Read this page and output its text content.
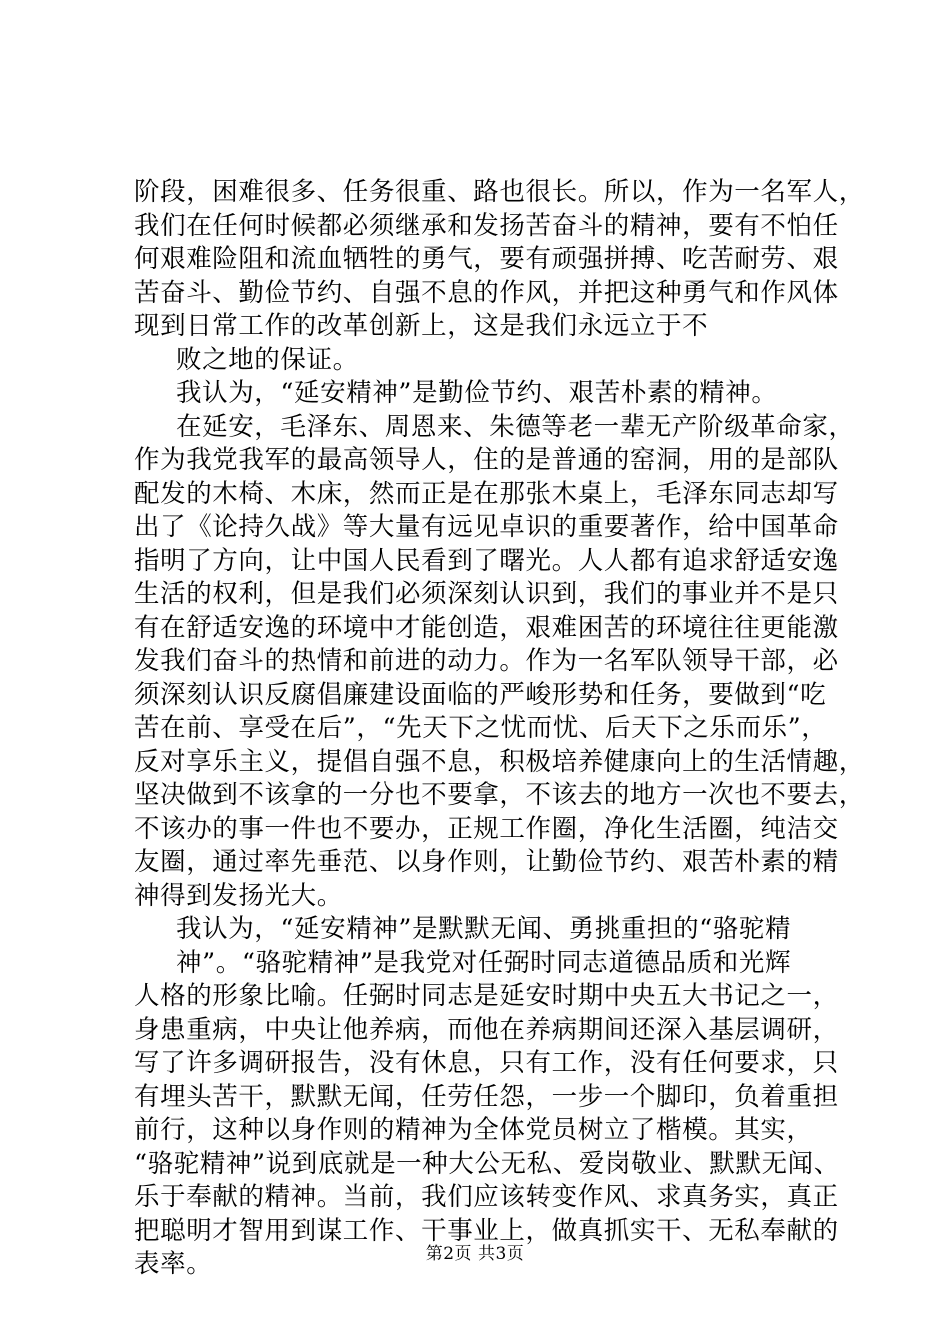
阶段，困难很多、任务很重、路也很长。所以，作为一名军人，
我们在任何时候都必须继承和发扬苦奋斗的精神，要有不怕任
何艰难险阻和流血牺牲的勇气，要有顽强拼搏、吃苦耐劳、艰
苦奋斗、勤俭节约、自强不息的作风，并把这种勇气和作风体
现到日常工作的改革创新上，这是我们永远立于不
败之地的保证。
我认为，“延安精神”是勤俭节约、艰苦朴素的精神。
在延安，毛泽东、周恩来、朱德等老一辈无产阶级革命家，
作为我党我军的最高领导人，住的是普通的窑洞，用的是部队
配发的木椅、木床，然而正是在那张木桌上，毛泽东同志却写
出了《论持久战》等大量有远见卓识的重要著作，给中国革命
指明了方向，让中国人民看到了曙光。人人都有追求舒适安逸
生活的权利，但是我们必须深刻认识到，我们的事业并不是只
有在舒适安逸的环境中才能创造，艰难困苦的环境往往更能激
发我们奋斗的热情和前进的动力。作为一名军队领导干部，必
须深刻认识反腐倡廉建设面临的严峻形势和任务，要做到“吃
苦在前、享受在后”，“先天下之忧而忧、后天下之乐而乐”，
反对享乐主义，提倡自强不息，积极培养健康向上的生活情趣，
坚决做到不该拿的一分也不要拿，不该去的地方一次也不要去，
不该办的事一件也不要办，正规工作圈，净化生活圈，纯洁交
友圈，通过率先垂范、以身作则，让勤俭节约、艰苦朴素的精
神得到发扬光大。
我认为，“延安精神”是默默无闻、勇挑重担的“骆驼精
神”。“骆驼精神”是我党对任弼时同志道德品质和光辉
人格的形象比喻。任弼时同志是延安时期中央五大书记之一，
身患重病，中央让他养病，而他在养病期间还深入基层调研，
写了许多调研报告，没有休息，只有工作，没有任何要求，只
有埋头苦干，默默无闻，任劳任怨，一步一个脚印，负着重担
前行，这种以身作则的精神为全体党员树立了楷模。其实，
“骆驼精神”说到底就是一种大公无私、爱岗敬业、默默无闻、
乐于奉献的精神。当前，我们应该转变作风、求真务实，真正
把聪明才智用到谋工作、干事业上，做真抓实干、无私奉献的
表率。	第2页 共3页
